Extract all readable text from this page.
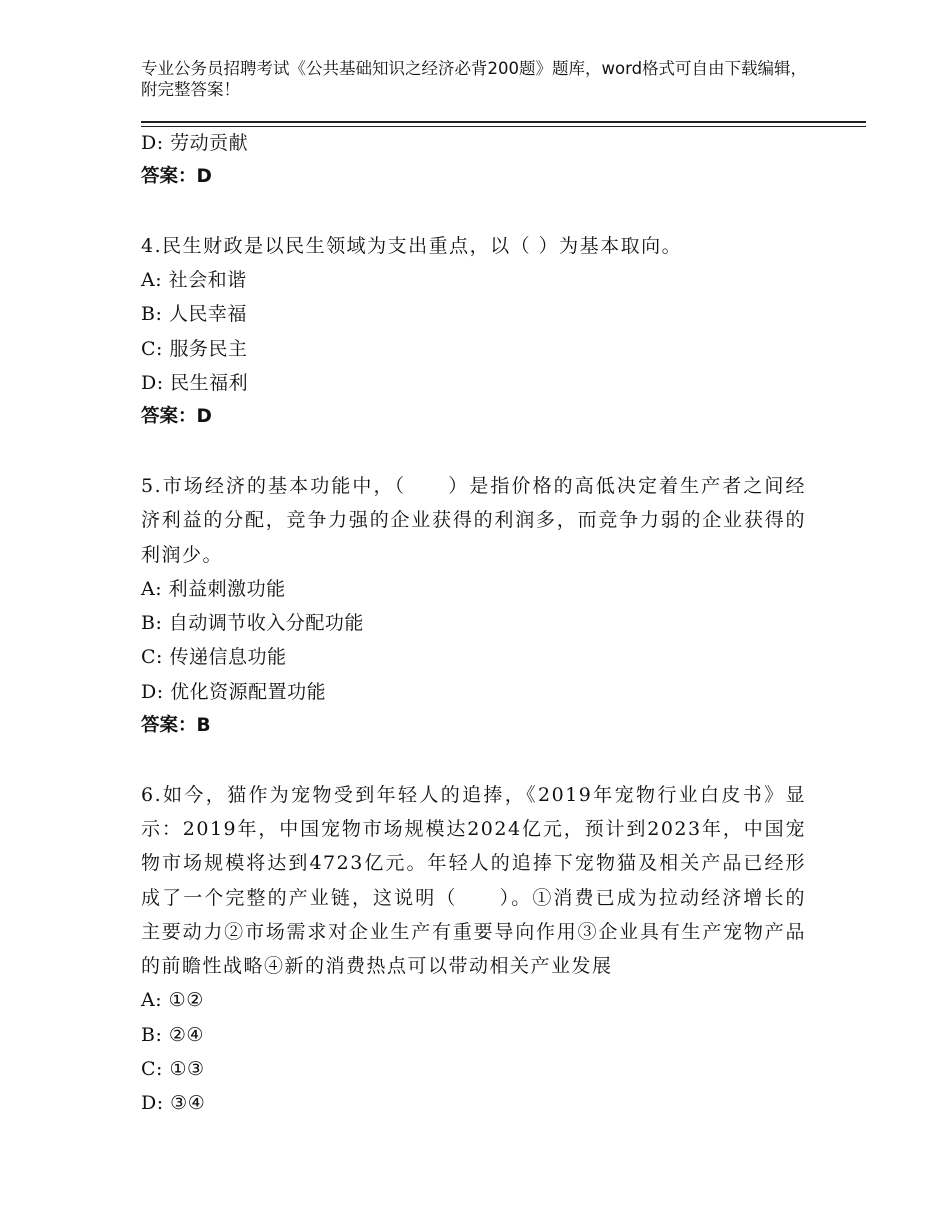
专业公务员招聘考试《公共基础知识之经济必背200题》题库，word格式可自由下载编辑，附完整答案！
D: 劳动贡献
答案：D
4.民生财政是以民生领域为支出重点，以（ ）为基本取向。
A: 社会和谐
B: 人民幸福
C: 服务民主
D: 民生福利
答案：D
5.市场经济的基本功能中，（　　）是指价格的高低决定着生产者之间经济利益的分配，竞争力强的企业获得的利润多，而竞争力弱的企业获得的利润少。
A: 利益刺激功能
B: 自动调节收入分配功能
C: 传递信息功能
D: 优化资源配置功能
答案：B
6.如今，猫作为宠物受到年轻人的追捧，《2019年宠物行业白皮书》显示：2019年，中国宠物市场规模达2024亿元，预计到2023年，中国宠物市场规模将达到4723亿元。年轻人的追捧下宠物猫及相关产品已经形成了一个完整的产业链，这说明（　　）。①消费已成为拉动经济增长的主要动力②市场需求对企业生产有重要导向作用③企业具有生产宠物产品的前瞻性战略④新的消费热点可以带动相关产业发展
A: ①②
B: ②④
C: ①③
D: ③④
